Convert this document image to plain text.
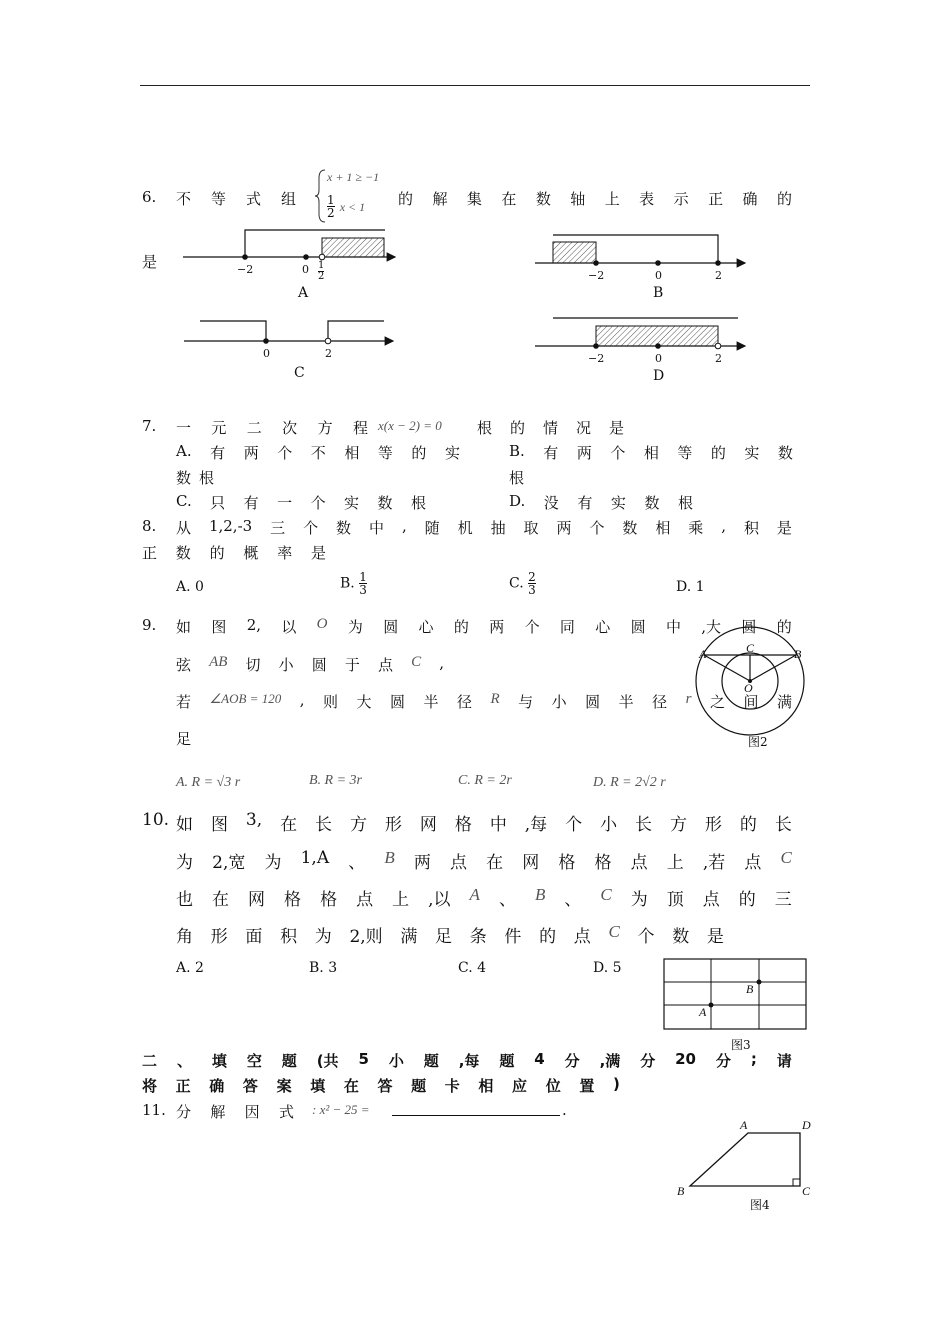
6. 不 等 式 组
x + 1 ≥ −1
$\frac{1}{2}$ x < 1 的 解 集 在 数 轴 上 表 示 正 确 的
是	−2	$0 \frac{1}{2}$
A
−2	0	2
B
0	2
C
−2	0	2
D
7. 一 元 二 次 方 程 x(x − 2) = 0 根 的 情 况 是
A. 有 两 个 不 相 等 的 实
数根
B. 有 两 个 相 等 的 实 数
根
C. 只 有 一 个 实 数 根	D. 没 有 实 数 根
8. 从 1,2,-3 三 个 数 中 , 随 机 抽 取 两 个 数 相 乘 , 积 是
正 数 的 概 率 是
A. 0	B. $\frac{1}{3}$	C. $\frac{2}{3}$	D. 1
9. 如 图 2, 以 O 为 圆 心 的 两 个 同 心 圆 中 ,大 圆 的
弦 AB 切 小 圆 于 点 C ,
若 ∠AOB = 120 , 则 大 圆 半 径 R 与 小 圆 半 径 r 之 间 满
足
A	C	B
O
图2
A. R = √3 r	B. R = 3r	C. R = 2r	D. R = 2√2 r
10. 如 图 3, 在 长 方 形 网 格 中 ,每 个 小 长 方 形 的 长
为 2,宽 为 1,A 、 B 两 点 在 网 格 格 点 上 ,若 点 C
也 在 网 格 格 点 上 ,以 A 、 B 、 C 为 顶 点 的 三
角 形 面 积 为 2,则 满 足 条 件 的 点 C 个 数 是
A. 2	B. 3	C. 4	D. 5
A
B
图3
二 、 填 空 题 (共 5 小 题 ,每 题 4 分 ,满 分 20 分 ; 请
将 正 确 答 案 填 在 答 题 卡 相 应 位 置 )
11. 分 解 因 式 : x² − 25 =	.
A	D
B	C
图4
